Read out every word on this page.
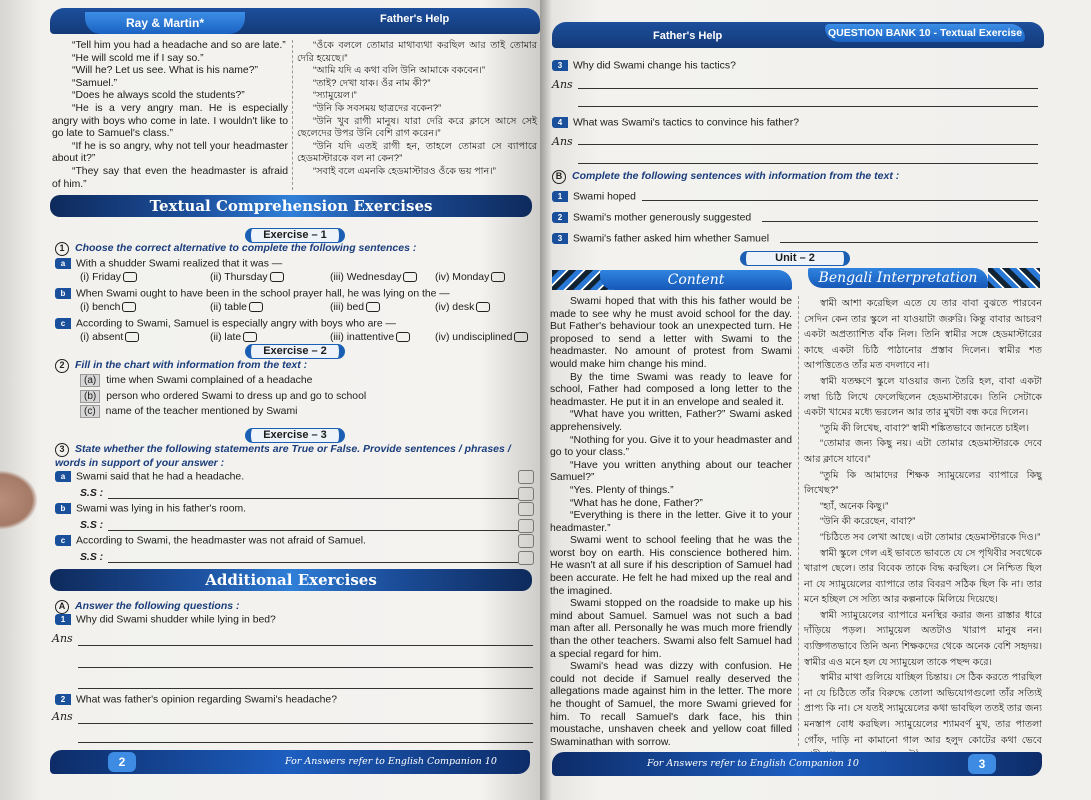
Ray & Martin*	Father's Help

“Tell him you had a headache and so are late.”

“He will scold me if I say so.”

“Will he? Let us see. What is his name?”

“Samuel.”

“Does he always scold the students?”

“He is a very angry man. He is especially angry with boys who come in late. I wouldn't like to go late to Samuel's class.”

“If he is so angry, why not tell your headmaster about it?”

“They say that even the headmaster is afraid of him.”

“ওঁকে বললে তোমার মাথাব্যথা করছিল আর তাই তোমার দেরি হয়েছে।”

“আমি যদি এ কথা বলি উনি আমাকে বকবেন।”

“তাই? দেখা যাক। ওঁর নাম কী?”

“স্যামুয়েল।”

“উনি কি সবসময় ছাত্রদের বকেন?”

“উনি খুব রাগী মানুষ। যারা দেরি করে ক্লাসে আসে সেই ছেলেদের উপর উনি বেশি রাগ করেন।”

“উনি যদি এতই রাগী হন, তাহলে তোমরা সে ব্যাপারে হেডমাস্টারকে বল না কেন?”

“সবাই বলে এমনকি হেডমাস্টারও ওঁকে ভয় পান।”

Textual Comprehension Exercises
Exercise – 1
1 Choose the correct alternative to complete the following sentences :
a With a shudder Swami realized that it was —
(i) Friday	(ii) Thursday	(iii) Wednesday	(iv) Monday
b When Swami ought to have been in the school prayer hall, he was lying on the —
(i) bench	(ii) table	(iii) bed	(iv) desk
c According to Swami, Samuel is especially angry with boys who are —
(i) absent	(ii) late	(iii) inattentive	(iv) undisciplined
Exercise – 2
2 Fill in the chart with information from the text :
(a) time when Swami complained of a headache
(b) person who ordered Swami to dress up and go to school
(c) name of the teacher mentioned by Swami
Exercise – 3
3 State whether the following statements are True or False. Provide sentences / phrases / words in support of your answer :
a Swami said that he had a headache.
S.S :
b Swami was lying in his father's room.
S.S :
c According to Swami, the headmaster was not afraid of Samuel.
S.S :
Additional Exercises
A Answer the following questions :
1 Why did Swami shudder while lying in bed?
Ans
2 What was father's opinion regarding Swami's headache?
Ans
For Answers refer to English Companion 10
2
Father's Help	QUESTION BANK 10 - Textual Exercise
3 Why did Swami change his tactics?
Ans
4 What was Swami's tactics to convince his father?
Ans
B Complete the following sentences with information from the text :
1 Swami hoped
2 Swami's mother generously suggested
3 Swami's father asked him whether Samuel
Unit – 2
Content	Bengali Interpretation

Swami hoped that with this his father would be made to see why he must avoid school for the day. But Father's behaviour took an unexpected turn. He proposed to send a letter with Swami to the headmaster. No amount of protest from Swami would make him change his mind.

By the time Swami was ready to leave for school, Father had composed a long letter to the headmaster. He put it in an envelope and sealed it.

“What have you written, Father?” Swami asked apprehensively.

“Nothing for you. Give it to your headmaster and go to your class.”

“Have you written anything about our teacher Samuel?”

“Yes. Plenty of things.”

“What has he done, Father?”

“Everything is there in the letter. Give it to your headmaster.”

Swami went to school feeling that he was the worst boy on earth. His conscience bothered him. He wasn't at all sure if his description of Samuel had been accurate. He felt he had mixed up the real and the imagined.

Swami stopped on the roadside to make up his mind about Samuel. Samuel was not such a bad man after all. Personally he was much more friendly than the other teachers. Swami also felt Samuel had a special regard for him.

Swami's head was dizzy with confusion. He could not decide if Samuel really deserved the allegations made against him in the letter. The more he thought of Samuel, the more Swami grieved for him. To recall Samuel's dark face, his thin moustache, unshaven cheek and yellow coat filled Swaminathan with sorrow.

স্বামী আশা করেছিল এতে যে তার বাবা বুঝতে পারবেন সেদিন কেন তার স্কুলে না যাওয়াটা জরুরি। কিন্তু বাবার আচরণ একটা অপ্রত্যাশিত বাঁক নিল। তিনি স্বামীর সঙ্গে হেডমাস্টারের কাছে একটা চিঠি পাঠানোর প্রস্তাব দিলেন। স্বামীর শত আপত্তিতেও তাঁর মত বদলাবে না।

স্বামী যতক্ষণে স্কুলে যাওয়ার জন্য তৈরি হল, বাবা একটা লম্বা চিঠি লিখে ফেলেছিলেন হেডমাস্টারকে। তিনি সেটাকে একটা খামের মধ্যে ভরলেন আর তার মুখটা বন্ধ করে দিলেন।

“তুমি কী লিখেছ, বাবা?” স্বামী শঙ্কিতভাবে জানতে চাইল।

“তোমার জন্য কিছু নয়। এটা তোমার হেডমাস্টারকে দেবে আর ক্লাসে যাবে।”

“তুমি কি আমাদের শিক্ষক স্যামুয়েলের ব্যাপারে কিছু লিখেছ?”

“হ্যাঁ, অনেক কিছু।”

“উনি কী করেছেন, বাবা?”

“চিঠিতে সব লেখা আছে। এটা তোমার হেডমাস্টারকে দিও।”

স্বামী স্কুলে গেল এই ভাবতে ভাবতে যে সে পৃথিবীর সবথেকে খারাপ ছেলে। তার বিবেক তাকে বিদ্ধ করছিল। সে নিশ্চিত ছিল না যে স্যামুয়েলের ব্যাপারে তার বিবরণ সঠিক ছিল কি না। তার মনে হচ্ছিল সে সত্যি আর কল্পনাকে মিলিয়ে দিয়েছে।

স্বামী স্যামুয়েলের ব্যাপারে মনস্থির করার জন্য রাস্তার ধারে দাঁড়িয়ে পড়ল। স্যামুয়েল অতটাও খারাপ মানুষ নন। ব্যক্তিগতভাবে তিনি অন্য শিক্ষকদের থেকে অনেক বেশি সহৃদয়। স্বামীর এও মনে হল যে স্যামুয়েল তাকে পছন্দ করে।

স্বামীর মাথা গুলিয়ে যাচ্ছিল চিন্তায়। সে ঠিক করতে পারছিল না যে চিঠিতে তাঁর বিরুদ্ধে তোলা অভিযোগগুলো তাঁর সত্যিই প্রাপ্য কি না। সে যতই স্যামুয়েলের কথা ভাবছিল ততই তার জন্য মনস্তাপ বোধ করছিল। স্যামুয়েলের শ্যামবর্ণ মুখ, তার পাতলা গোঁফ, দাড়ি না কামানো গাল আর হলুদ কোটের কথা ভেবে

For Answers refer to English Companion 10	3
